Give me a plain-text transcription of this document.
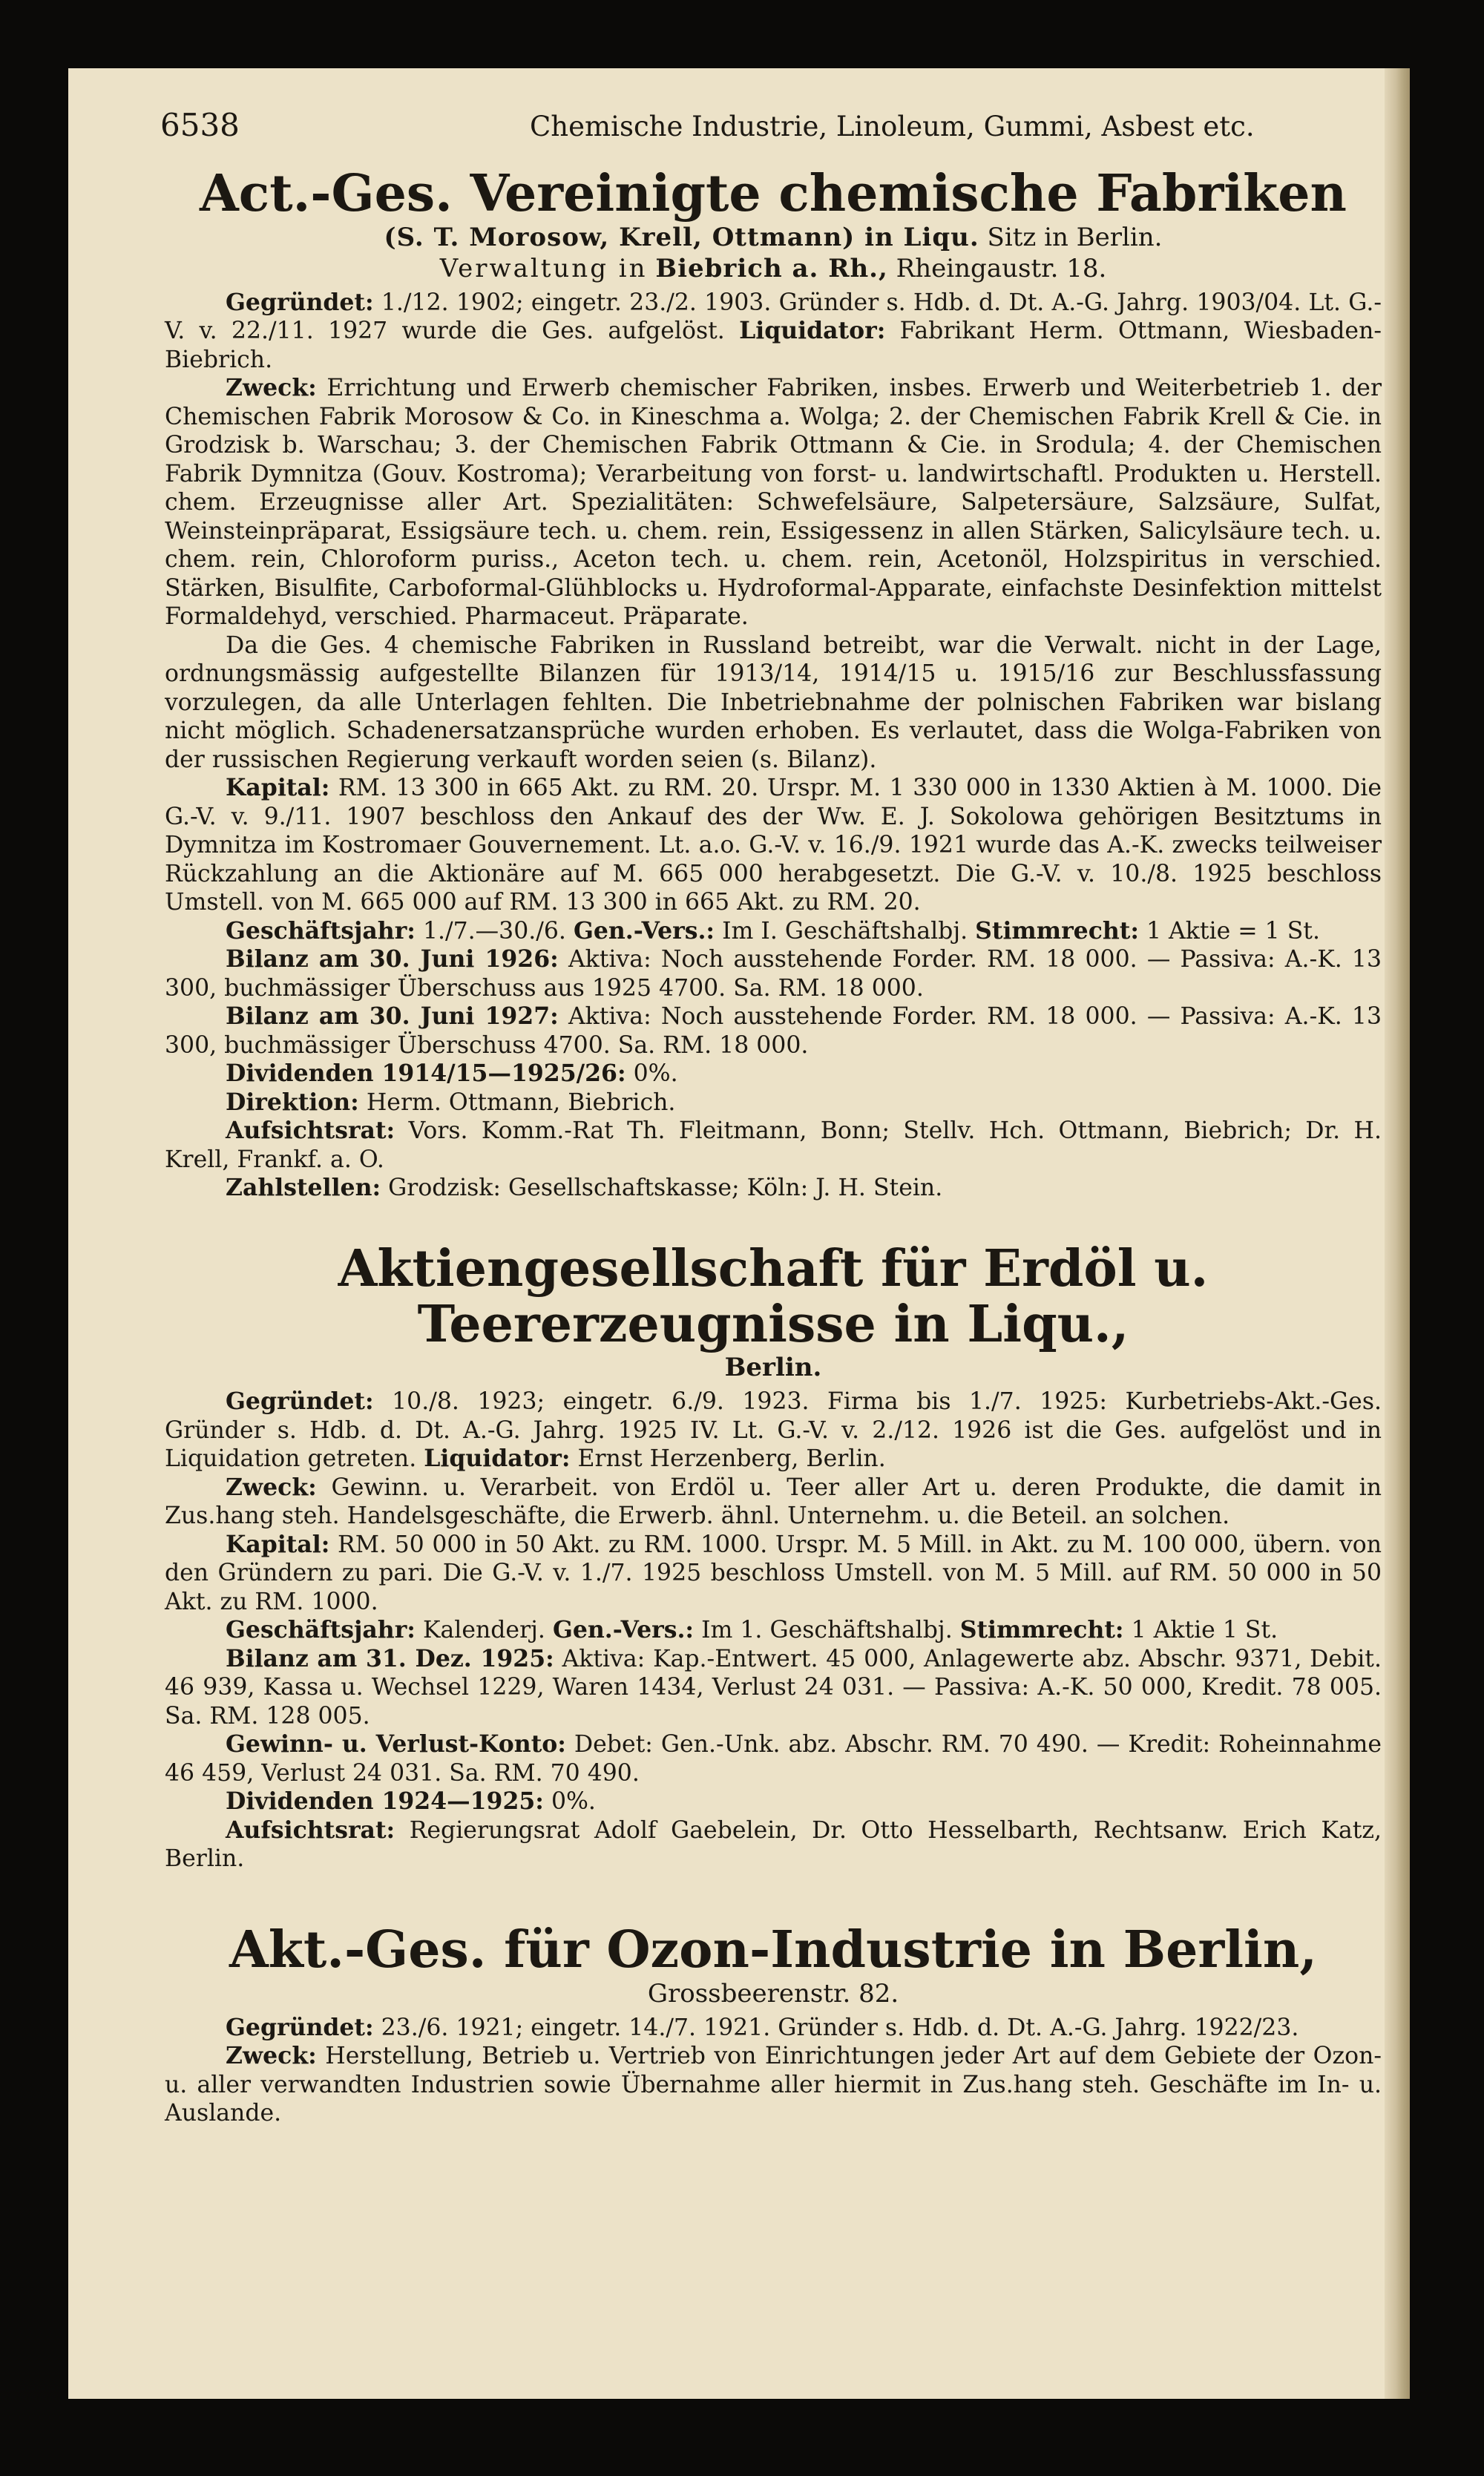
6538	Chemische Industrie, Linoleum, Gummi, Asbest etc.
Act.-Ges. Vereinigte chemische Fabriken
(S. T. Morosow, Krell, Ottmann) in Liqu. Sitz in Berlin.
Verwaltung in Biebrich a. Rh., Rheingaustr. 18.

Gegründet: 1./12. 1902; eingetr. 23./2. 1903. Gründer s. Hdb. d. Dt. A.-G. Jahrg. 1903/04. Lt. G.-V. v. 22./11. 1927 wurde die Ges. aufgelöst. Liquidator: Fabrikant Herm. Ottmann, Wiesbaden-Biebrich.

Zweck: Errichtung und Erwerb chemischer Fabriken, insbes. Erwerb und Weiterbetrieb 1. der Chemischen Fabrik Morosow & Co. in Kineschma a. Wolga; 2. der Chemischen Fabrik Krell & Cie. in Grodzisk b. Warschau; 3. der Chemischen Fabrik Ottmann & Cie. in Srodula; 4. der Chemischen Fabrik Dymnitza (Gouv. Kostroma); Verarbeitung von forst- u. landwirtschaftl. Produkten u. Herstell. chem. Erzeugnisse aller Art. Spezialitäten: Schwefelsäure, Salpetersäure, Salzsäure, Sulfat, Weinsteinpräparat, Essigsäure tech. u. chem. rein, Essigessenz in allen Stärken, Salicylsäure tech. u. chem. rein, Chloroform puriss., Aceton tech. u. chem. rein, Acetonöl, Holzspiritus in verschied. Stärken, Bisulfite, Carboformal-Glühblocks u. Hydroformal-Apparate, einfachste Desinfektion mittelst Formaldehyd, verschied. Pharmaceut. Präparate.

Da die Ges. 4 chemische Fabriken in Russland betreibt, war die Verwalt. nicht in der Lage, ordnungsmässig aufgestellte Bilanzen für 1913/14, 1914/15 u. 1915/16 zur Beschlussfassung vorzulegen, da alle Unterlagen fehlten. Die Inbetriebnahme der polnischen Fabriken war bislang nicht möglich. Schadenersatzansprüche wurden erhoben. Es verlautet, dass die Wolga-Fabriken von der russischen Regierung verkauft worden seien (s. Bilanz).

Kapital: RM. 13 300 in 665 Akt. zu RM. 20. Urspr. M. 1 330 000 in 1330 Aktien à M. 1000. Die G.-V. v. 9./11. 1907 beschloss den Ankauf des der Ww. E. J. Sokolowa gehörigen Besitztums in Dymnitza im Kostromaer Gouvernement. Lt. a.o. G.-V. v. 16./9. 1921 wurde das A.-K. zwecks teilweiser Rückzahlung an die Aktionäre auf M. 665 000 herabgesetzt. Die G.-V. v. 10./8. 1925 beschloss Umstell. von M. 665 000 auf RM. 13 300 in 665 Akt. zu RM. 20.

Geschäftsjahr: 1./7.—30./6. Gen.-Vers.: Im I. Geschäftshalbj. Stimmrecht: 1 Aktie = 1 St.

Bilanz am 30. Juni 1926: Aktiva: Noch ausstehende Forder. RM. 18 000. — Passiva: A.-K. 13 300, buchmässiger Überschuss aus 1925 4700. Sa. RM. 18 000.

Bilanz am 30. Juni 1927: Aktiva: Noch ausstehende Forder. RM. 18 000. — Passiva: A.-K. 13 300, buchmässiger Überschuss 4700. Sa. RM. 18 000.

Dividenden 1914/15—1925/26: 0%.

Direktion: Herm. Ottmann, Biebrich.

Aufsichtsrat: Vors. Komm.-Rat Th. Fleitmann, Bonn; Stellv. Hch. Ottmann, Biebrich; Dr. H. Krell, Frankf. a. O.

Zahlstellen: Grodzisk: Gesellschaftskasse; Köln: J. H. Stein.

Aktiengesellschaft für Erdöl u. Teererzeugnisse in Liqu.,
Berlin.

Gegründet: 10./8. 1923; eingetr. 6./9. 1923. Firma bis 1./7. 1925: Kurbetriebs-Akt.-Ges. Gründer s. Hdb. d. Dt. A.-G. Jahrg. 1925 IV. Lt. G.-V. v. 2./12. 1926 ist die Ges. aufgelöst und in Liquidation getreten. Liquidator: Ernst Herzenberg, Berlin.

Zweck: Gewinn. u. Verarbeit. von Erdöl u. Teer aller Art u. deren Produkte, die damit in Zus.hang steh. Handelsgeschäfte, die Erwerb. ähnl. Unternehm. u. die Beteil. an solchen.

Kapital: RM. 50 000 in 50 Akt. zu RM. 1000. Urspr. M. 5 Mill. in Akt. zu M. 100 000, übern. von den Gründern zu pari. Die G.-V. v. 1./7. 1925 beschloss Umstell. von M. 5 Mill. auf RM. 50 000 in 50 Akt. zu RM. 1000.

Geschäftsjahr: Kalenderj. Gen.-Vers.: Im 1. Geschäftshalbj. Stimmrecht: 1 Aktie 1 St.

Bilanz am 31. Dez. 1925: Aktiva: Kap.-Entwert. 45 000, Anlagewerte abz. Abschr. 9371, Debit. 46 939, Kassa u. Wechsel 1229, Waren 1434, Verlust 24 031. — Passiva: A.-K. 50 000, Kredit. 78 005. Sa. RM. 128 005.

Gewinn- u. Verlust-Konto: Debet: Gen.-Unk. abz. Abschr. RM. 70 490. — Kredit: Roheinnahme 46 459, Verlust 24 031. Sa. RM. 70 490.

Dividenden 1924—1925: 0%.

Aufsichtsrat: Regierungsrat Adolf Gaebelein, Dr. Otto Hesselbarth, Rechtsanw. Erich Katz, Berlin.

Akt.-Ges. für Ozon-Industrie in Berlin,
Grossbeerenstr. 82.

Gegründet: 23./6. 1921; eingetr. 14./7. 1921. Gründer s. Hdb. d. Dt. A.-G. Jahrg. 1922/23.

Zweck: Herstellung, Betrieb u. Vertrieb von Einrichtungen jeder Art auf dem Gebiete der Ozon- u. aller verwandten Industrien sowie Übernahme aller hiermit in Zus.hang steh. Geschäfte im In- u. Auslande.
